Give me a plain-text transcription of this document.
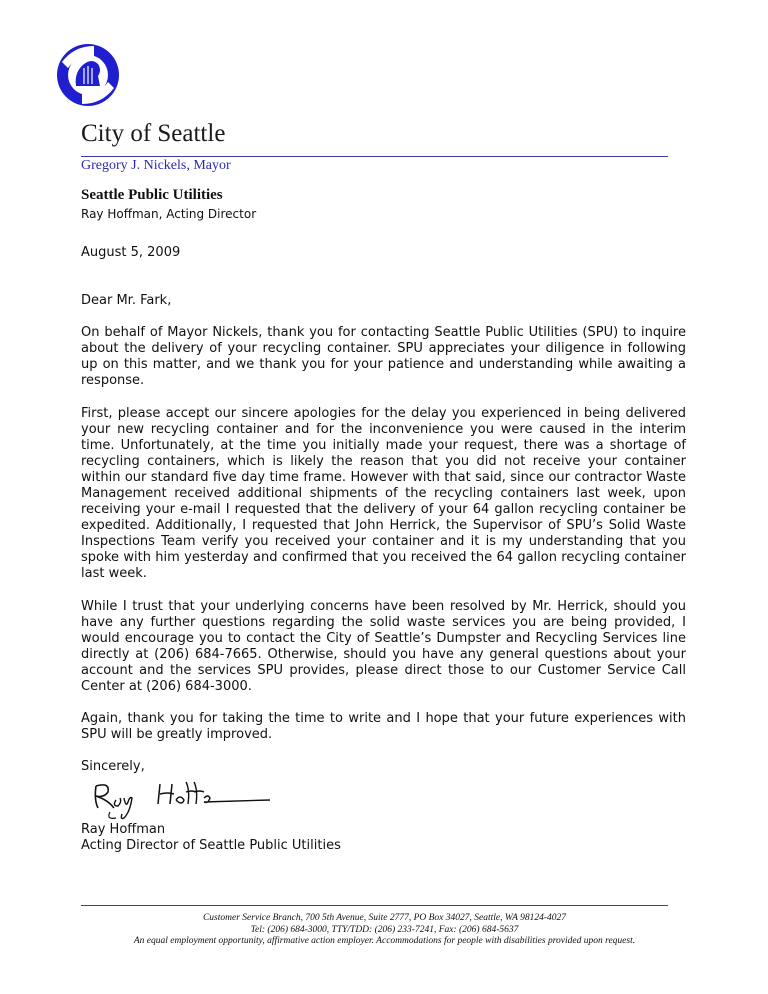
City of Seattle
Gregory J. Nickels, Mayor
Seattle Public Utilities
Ray Hoffman, Acting Director
August 5, 2009
Dear Mr. Fark,

On behalf of Mayor Nickels, thank you for contacting Seattle Public Utilities (SPU) to inquire about the delivery of your recycling container. SPU appreciates your diligence in following up on this matter, and we thank you for your patience and understanding while awaiting a response.

First, please accept our sincere apologies for the delay you experienced in being delivered your new recycling container and for the inconvenience you were caused in the interim time. Unfortunately, at the time you initially made your request, there was a shortage of recycling containers, which is likely the reason that you did not receive your container within our standard five day time frame. However with that said, since our contractor Waste Management received additional shipments of the recycling containers last week, upon receiving your e-mail I requested that the delivery of your 64 gallon recycling container be expedited. Additionally, I requested that John Herrick, the Supervisor of SPU’s Solid Waste Inspections Team verify you received your container and it is my understanding that you spoke with him yesterday and confirmed that you received the 64 gallon recycling container last week.

While I trust that your underlying concerns have been resolved by Mr. Herrick, should you have any further questions regarding the solid waste services you are being provided, I would encourage you to contact the City of Seattle’s Dumpster and Recycling Services line directly at (206) 684-7665. Otherwise, should you have any general questions about your account and the services SPU provides, please direct those to our Customer Service Call Center at (206) 684-3000.

Again, thank you for taking the time to write and I hope that your future experiences with SPU will be greatly improved.

Sincerely,
Ray Hoffman
Acting Director of Seattle Public Utilities
Customer Service Branch, 700 5th Avenue, Suite 2777, PO Box 34027, Seattle, WA 98124-4027
Tel: (206) 684-3000, TTY/TDD: (206) 233-7241, Fax: (206) 684-5637
An equal employment opportunity, affirmative action employer. Accommodations for people with disabilities provided upon request.
